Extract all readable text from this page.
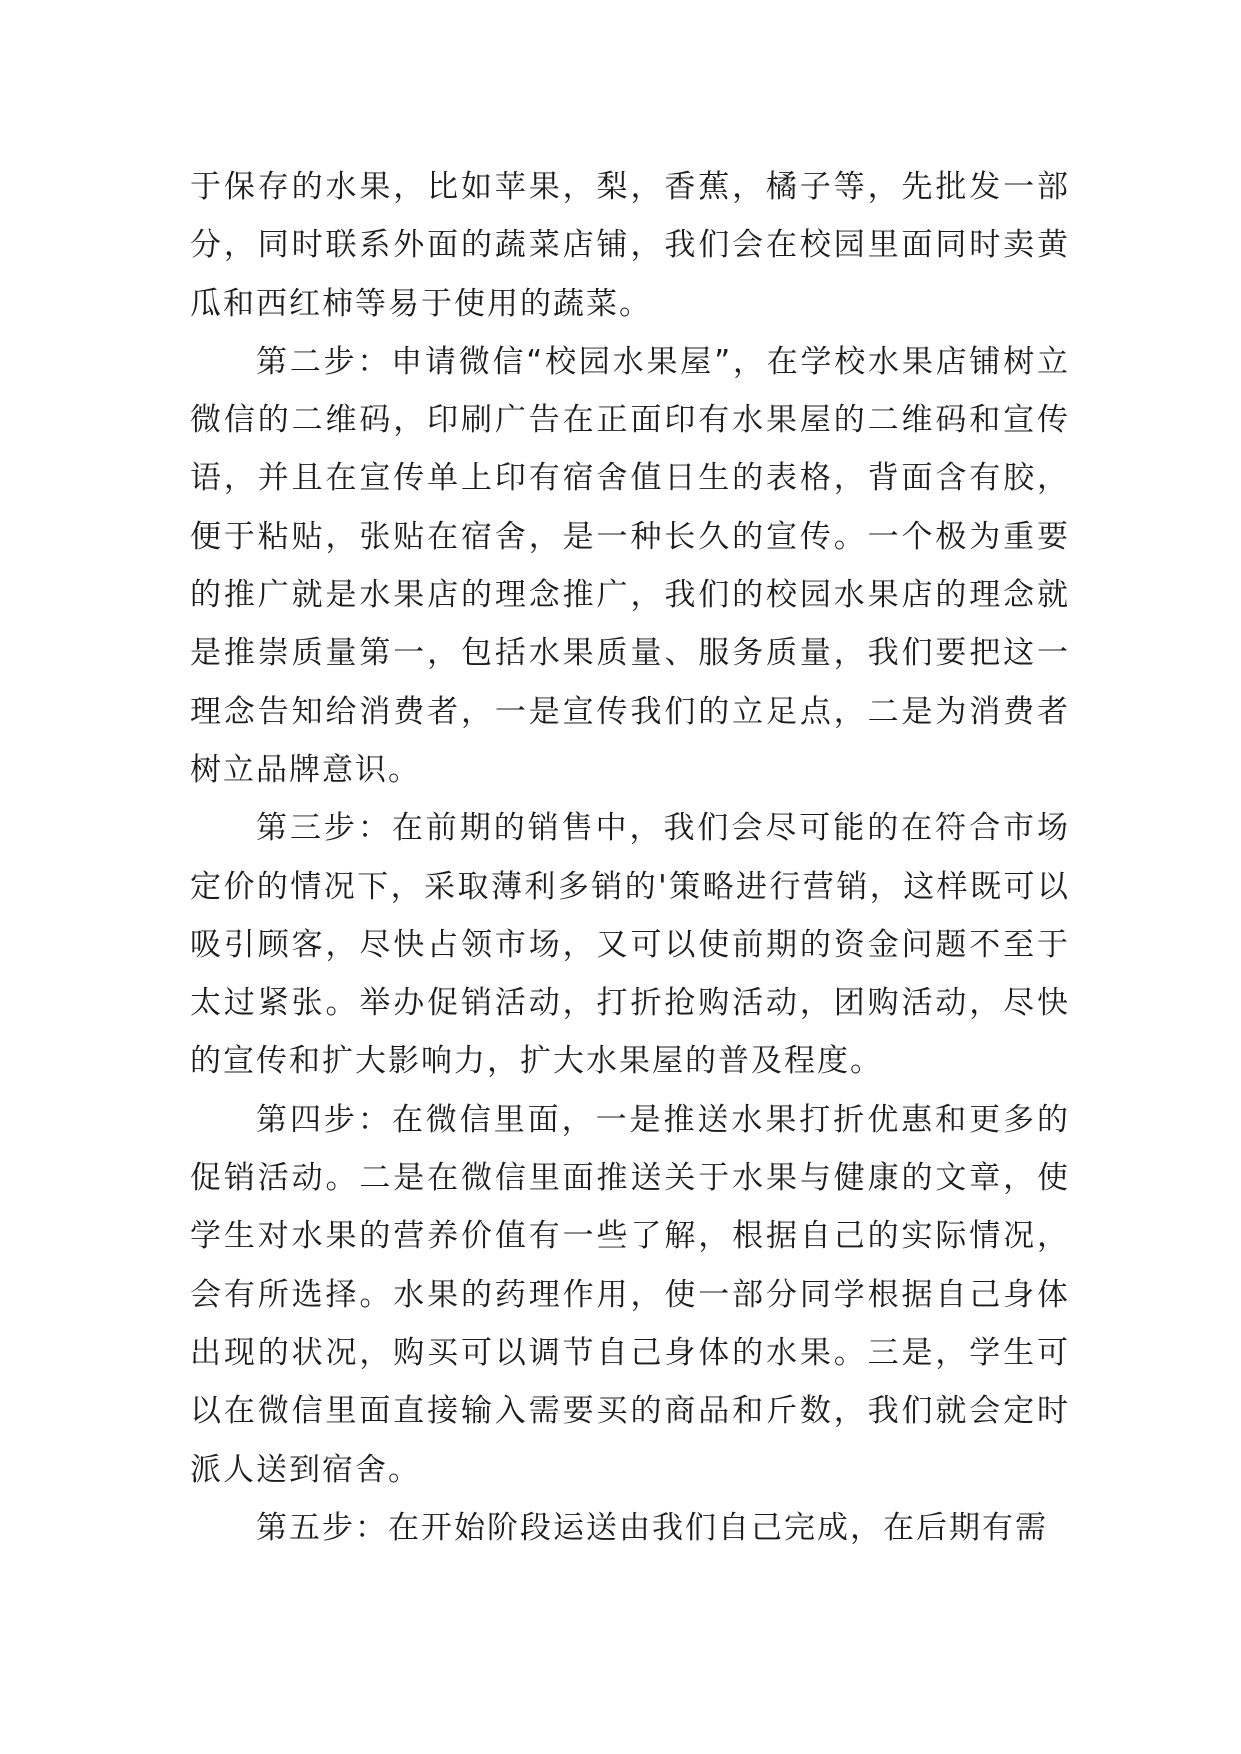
于保存的水果，比如苹果，梨，香蕉，橘子等，先批发一部分，同时联系外面的蔬菜店铺，我们会在校园里面同时卖黄瓜和西红柿等易于使用的蔬菜。

第二步：申请微信“校园水果屋”，在学校水果店铺树立微信的二维码，印刷广告在正面印有水果屋的二维码和宣传语，并且在宣传单上印有宿舍值日生的表格，背面含有胶，便于粘贴，张贴在宿舍，是一种长久的宣传。一个极为重要的推广就是水果店的理念推广，我们的校园水果店的理念就是推崇质量第一，包括水果质量、服务质量，我们要把这一理念告知给消费者，一是宣传我们的立足点，二是为消费者树立品牌意识。

第三步：在前期的销售中，我们会尽可能的在符合市场定价的情况下，采取薄利多销的'策略进行营销，这样既可以吸引顾客，尽快占领市场，又可以使前期的资金问题不至于太过紧张。举办促销活动，打折抢购活动，团购活动，尽快的宣传和扩大影响力，扩大水果屋的普及程度。

第四步：在微信里面，一是推送水果打折优惠和更多的促销活动。二是在微信里面推送关于水果与健康的文章，使学生对水果的营养价值有一些了解，根据自己的实际情况，会有所选择。水果的药理作用，使一部分同学根据自己身体出现的状况，购买可以调节自己身体的水果。三是，学生可以在微信里面直接输入需要买的商品和斤数，我们就会定时派人送到宿舍。

第五步：在开始阶段运送由我们自己完成，在后期有需
